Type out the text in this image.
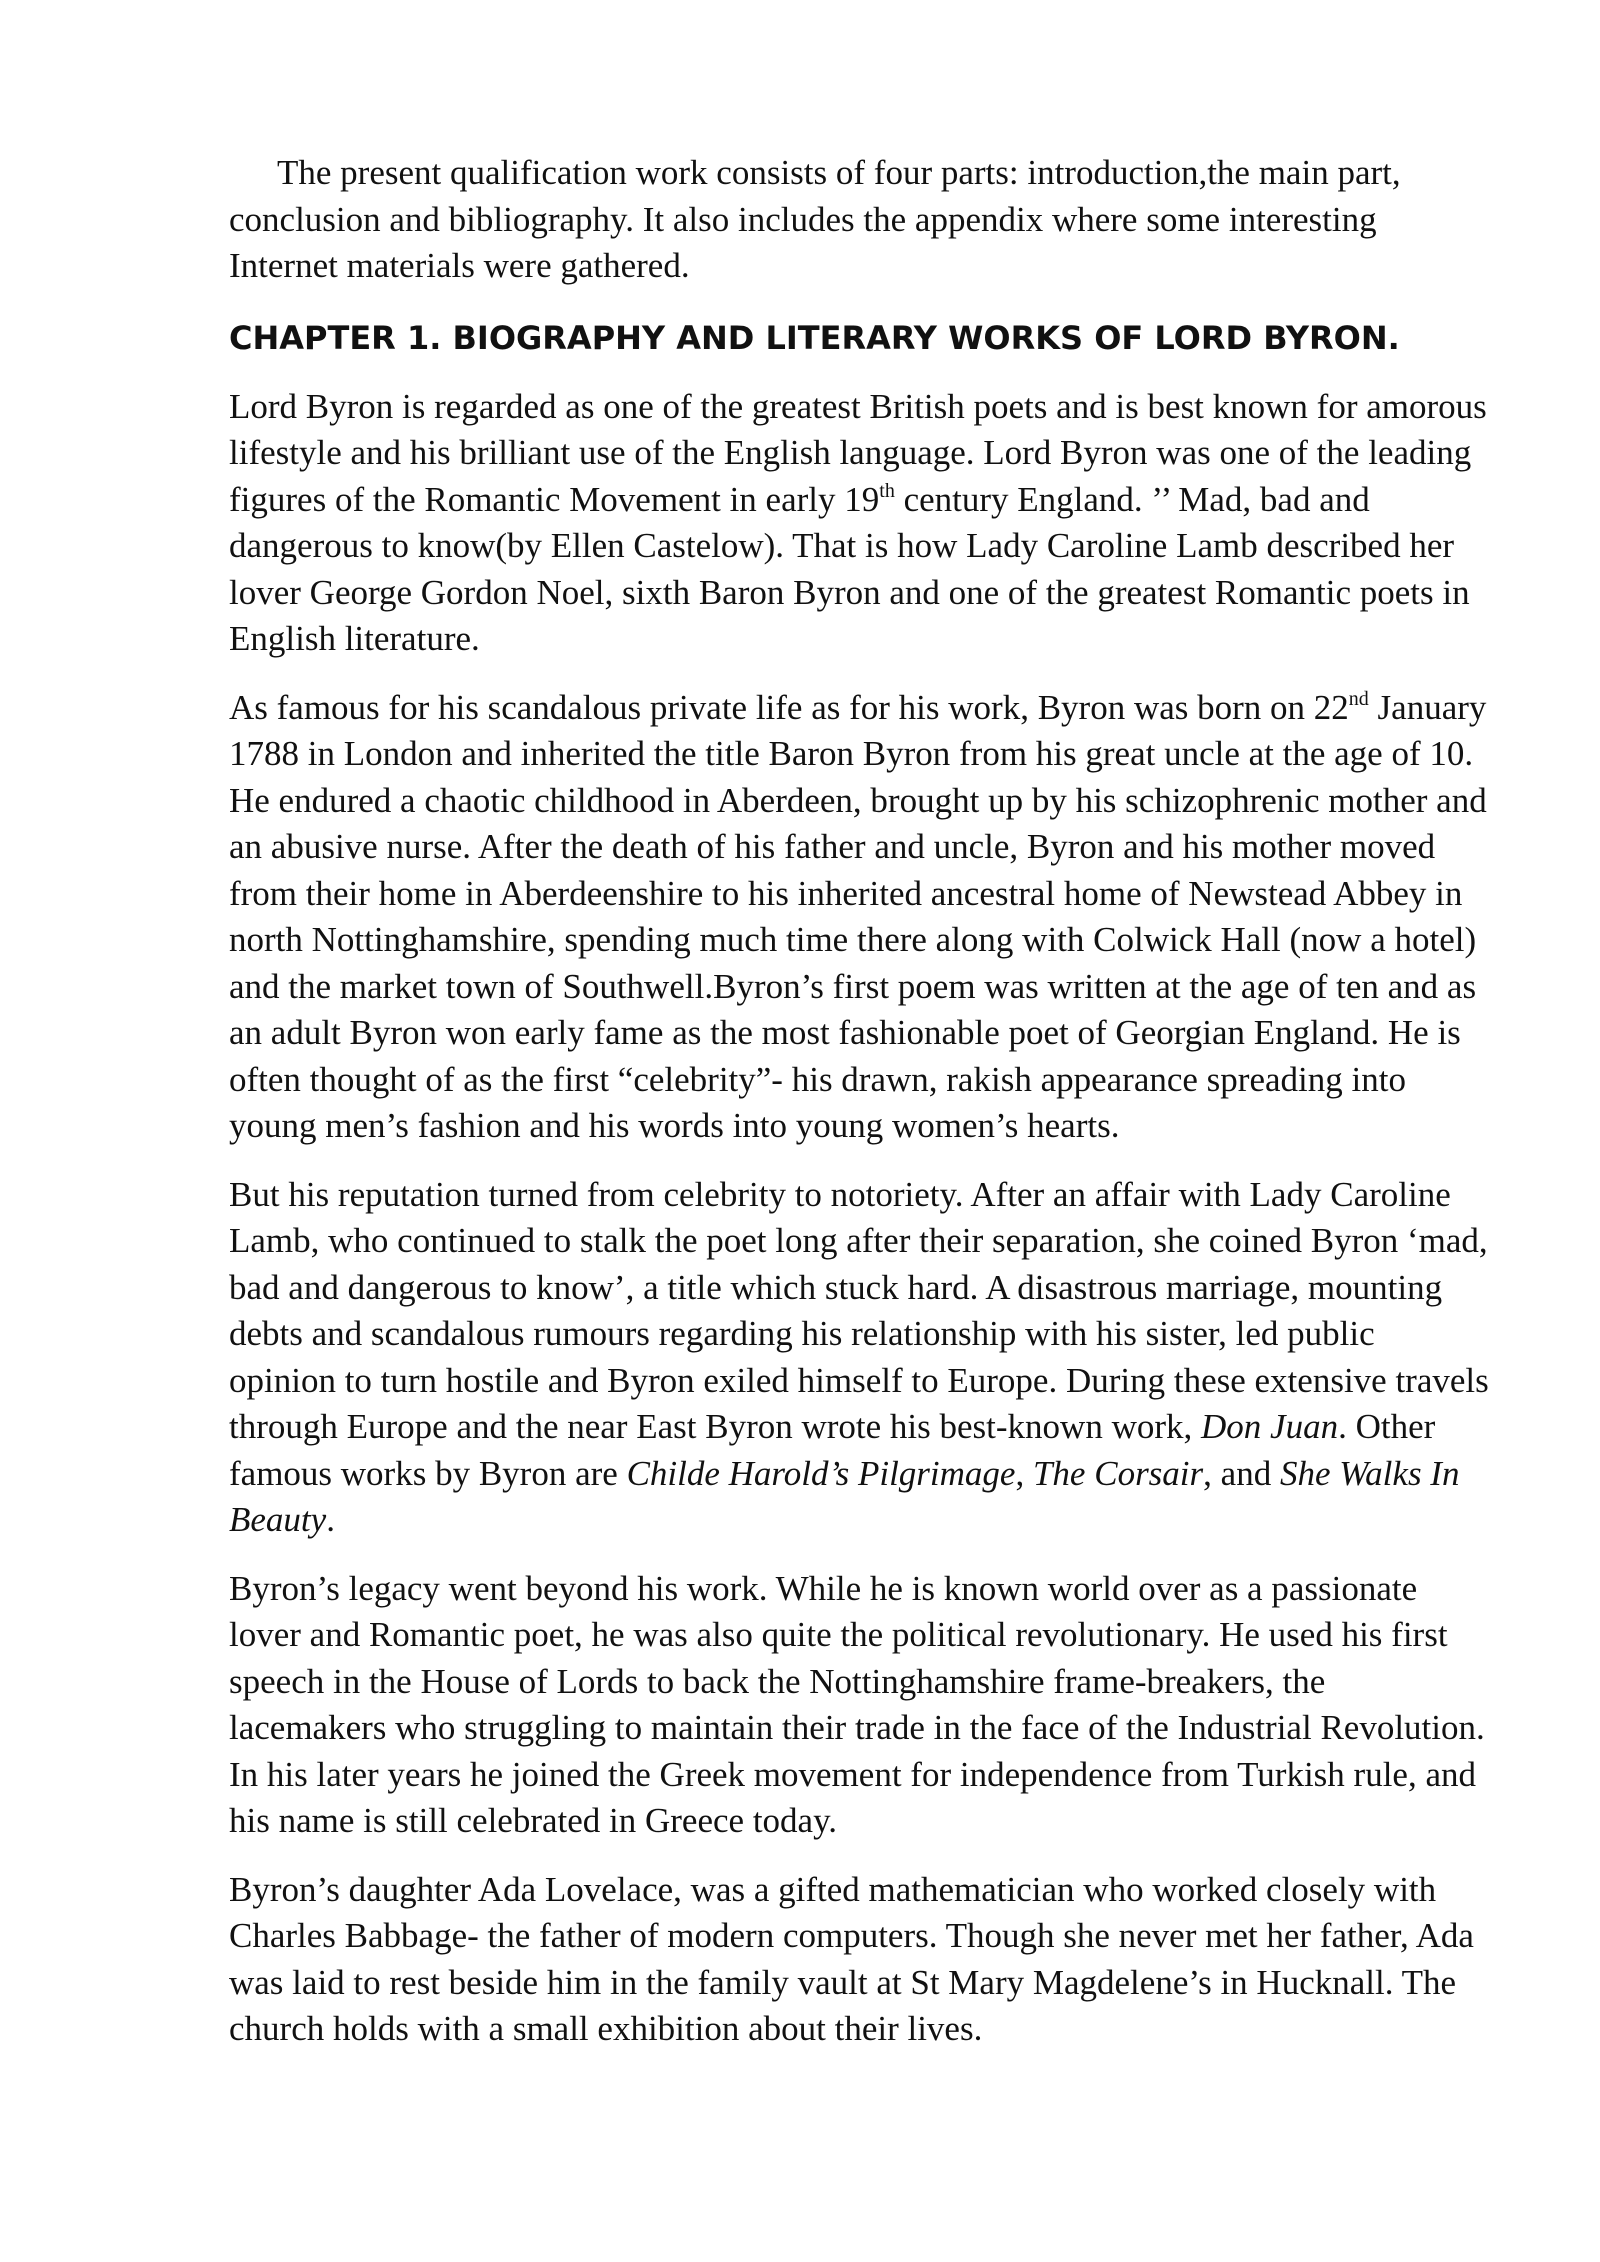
The present qualification work consists of four parts: introduction,the main part, conclusion and bibliography. It also includes the appendix where some interesting Internet materials were gathered.

CHAPTER 1. BIOGRAPHY AND LITERARY WORKS OF LORD BYRON.

Lord Byron is regarded as one of the greatest British poets and is best known for amorous lifestyle and his brilliant use of the English language. Lord Byron was one of the leading figures of the Romantic Movement in early 19th century England. ’’ Mad, bad and dangerous to know(by Ellen Castelow). That is how Lady Caroline Lamb described her lover George Gordon Noel, sixth Baron Byron and one of the greatest Romantic poets in English literature.

As famous for his scandalous private life as for his work, Byron was born on 22nd January 1788 in London and inherited the title Baron Byron from his great uncle at the age of 10. He endured a chaotic childhood in Aberdeen, brought up by his schizophrenic mother and an abusive nurse. After the death of his father and uncle, Byron and his mother moved from their home in Aberdeenshire to his inherited ancestral home of Newstead Abbey in north Nottinghamshire, spending much time there along with Colwick Hall (now a hotel) and the market town of Southwell.Byron’s first poem was written at the age of ten and as an adult Byron won early fame as the most fashionable poet of Georgian England. He is often thought of as the first “celebrity”- his drawn, rakish appearance spreading into young men’s fashion and his words into young women’s hearts.

But his reputation turned from celebrity to notoriety. After an affair with Lady Caroline Lamb, who continued to stalk the poet long after their separation, she coined Byron ‘mad, bad and dangerous to know’, a title which stuck hard. A disastrous marriage, mounting debts and scandalous rumours regarding his relationship with his sister, led public opinion to turn hostile and Byron exiled himself to Europe. During these extensive travels through Europe and the near East Byron wrote his best-known work, Don Juan. Other famous works by Byron are Childe Harold’s Pilgrimage, The Corsair, and She Walks In Beauty.

Byron’s legacy went beyond his work. While he is known world over as a passionate lover and Romantic poet, he was also quite the political revolutionary. He used his first speech in the House of Lords to back the Nottinghamshire frame-breakers, the lacemakers who struggling to maintain their trade in the face of the Industrial Revolution. In his later years he joined the Greek movement for independence from Turkish rule, and his name is still celebrated in Greece today.

Byron’s daughter Ada Lovelace, was a gifted mathematician who worked closely with Charles Babbage- the father of modern computers. Though she never met her father, Ada was laid to rest beside him in the family vault at St Mary Magdelene’s in Hucknall. The church holds with a small exhibition about their lives.
